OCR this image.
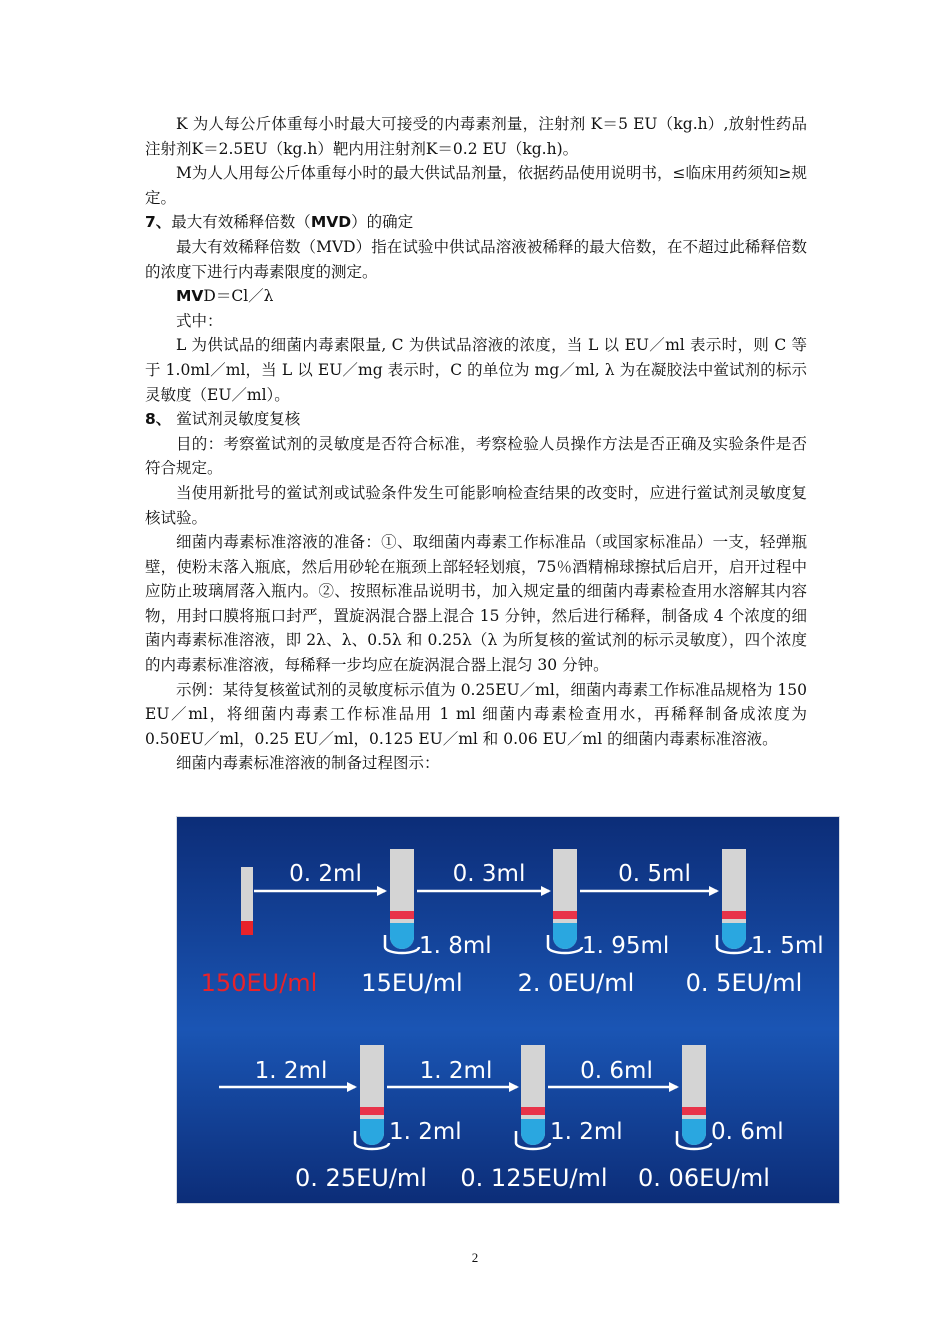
K 为人每公斤体重每小时最大可接受的内毒素剂量，注射剂 K＝5 EU（kg.h）,放射性药品注射剂K＝2.5EU（kg.h）靶内用注射剂K＝0.2 EU（kg.h)。

M为人人用每公斤体重每小时的最大供试品剂量，依据药品使用说明书，≤临床用药须知≥规定。

7、最大有效稀释倍数（MVD）的确定

最大有效稀释倍数（MVD）指在试验中供试品溶液被稀释的最大倍数，在不超过此稀释倍数的浓度下进行内毒素限度的测定。

MVD＝Cl／λ

式中：

L 为供试品的细菌内毒素限量, C 为供试品溶液的浓度，当 L 以 EU／ml 表示时，则 C 等于 1.0ml／ml，当 L 以 EU／mg 表示时，C 的单位为 mg／ml, λ 为在凝胶法中鲎试剂的标示灵敏度（EU／ml）。

8、 鲎试剂灵敏度复核

目的：考察鲎试剂的灵敏度是否符合标准，考察检验人员操作方法是否正确及实验条件是否符合规定。

当使用新批号的鲎试剂或试验条件发生可能影响检查结果的改变时，应进行鲎试剂灵敏度复核试验。

细菌内毒素标准溶液的准备：①、取细菌内毒素工作标准品（或国家标准品）一支，轻弹瓶壁，使粉末落入瓶底，然后用砂轮在瓶颈上部轻轻划痕，75％酒精棉球擦拭后启开，启开过程中应防止玻璃屑落入瓶内。②、按照标准品说明书，加入规定量的细菌内毒素检查用水溶解其内容物，用封口膜将瓶口封严，置旋涡混合器上混合 15 分钟，然后进行稀释，制备成 4 个浓度的细菌内毒素标准溶液，即 2λ、λ、0.5λ 和 0.25λ（λ 为所复核的鲎试剂的标示灵敏度），四个浓度的内毒素标准溶液，每稀释一步均应在旋涡混合器上混匀 30 分钟。

示例：某待复核鲎试剂的灵敏度标示值为 0.25EU／ml，细菌内毒素工作标准品规格为 150 EU／ml，将细菌内毒素工作标准品用 1 ml 细菌内毒素检查用水，再稀释制备成浓度为 0.50EU／ml，0.25 EU／ml，0.125 EU／ml 和 0.06 EU／ml 的细菌内毒素标准溶液。

细菌内毒素标准溶液的制备过程图示：

0. 2ml	0. 3ml	0. 5ml
1. 8ml	1. 95ml	1. 5ml
150EU/ml 15EU/ml 2. 0EU/ml 0. 5EU/ml
1. 2ml	1. 2ml	0. 6ml
1. 2ml	1. 2ml	0. 6ml
0. 25EU/ml 0. 125EU/ml 0. 06EU/ml
2
